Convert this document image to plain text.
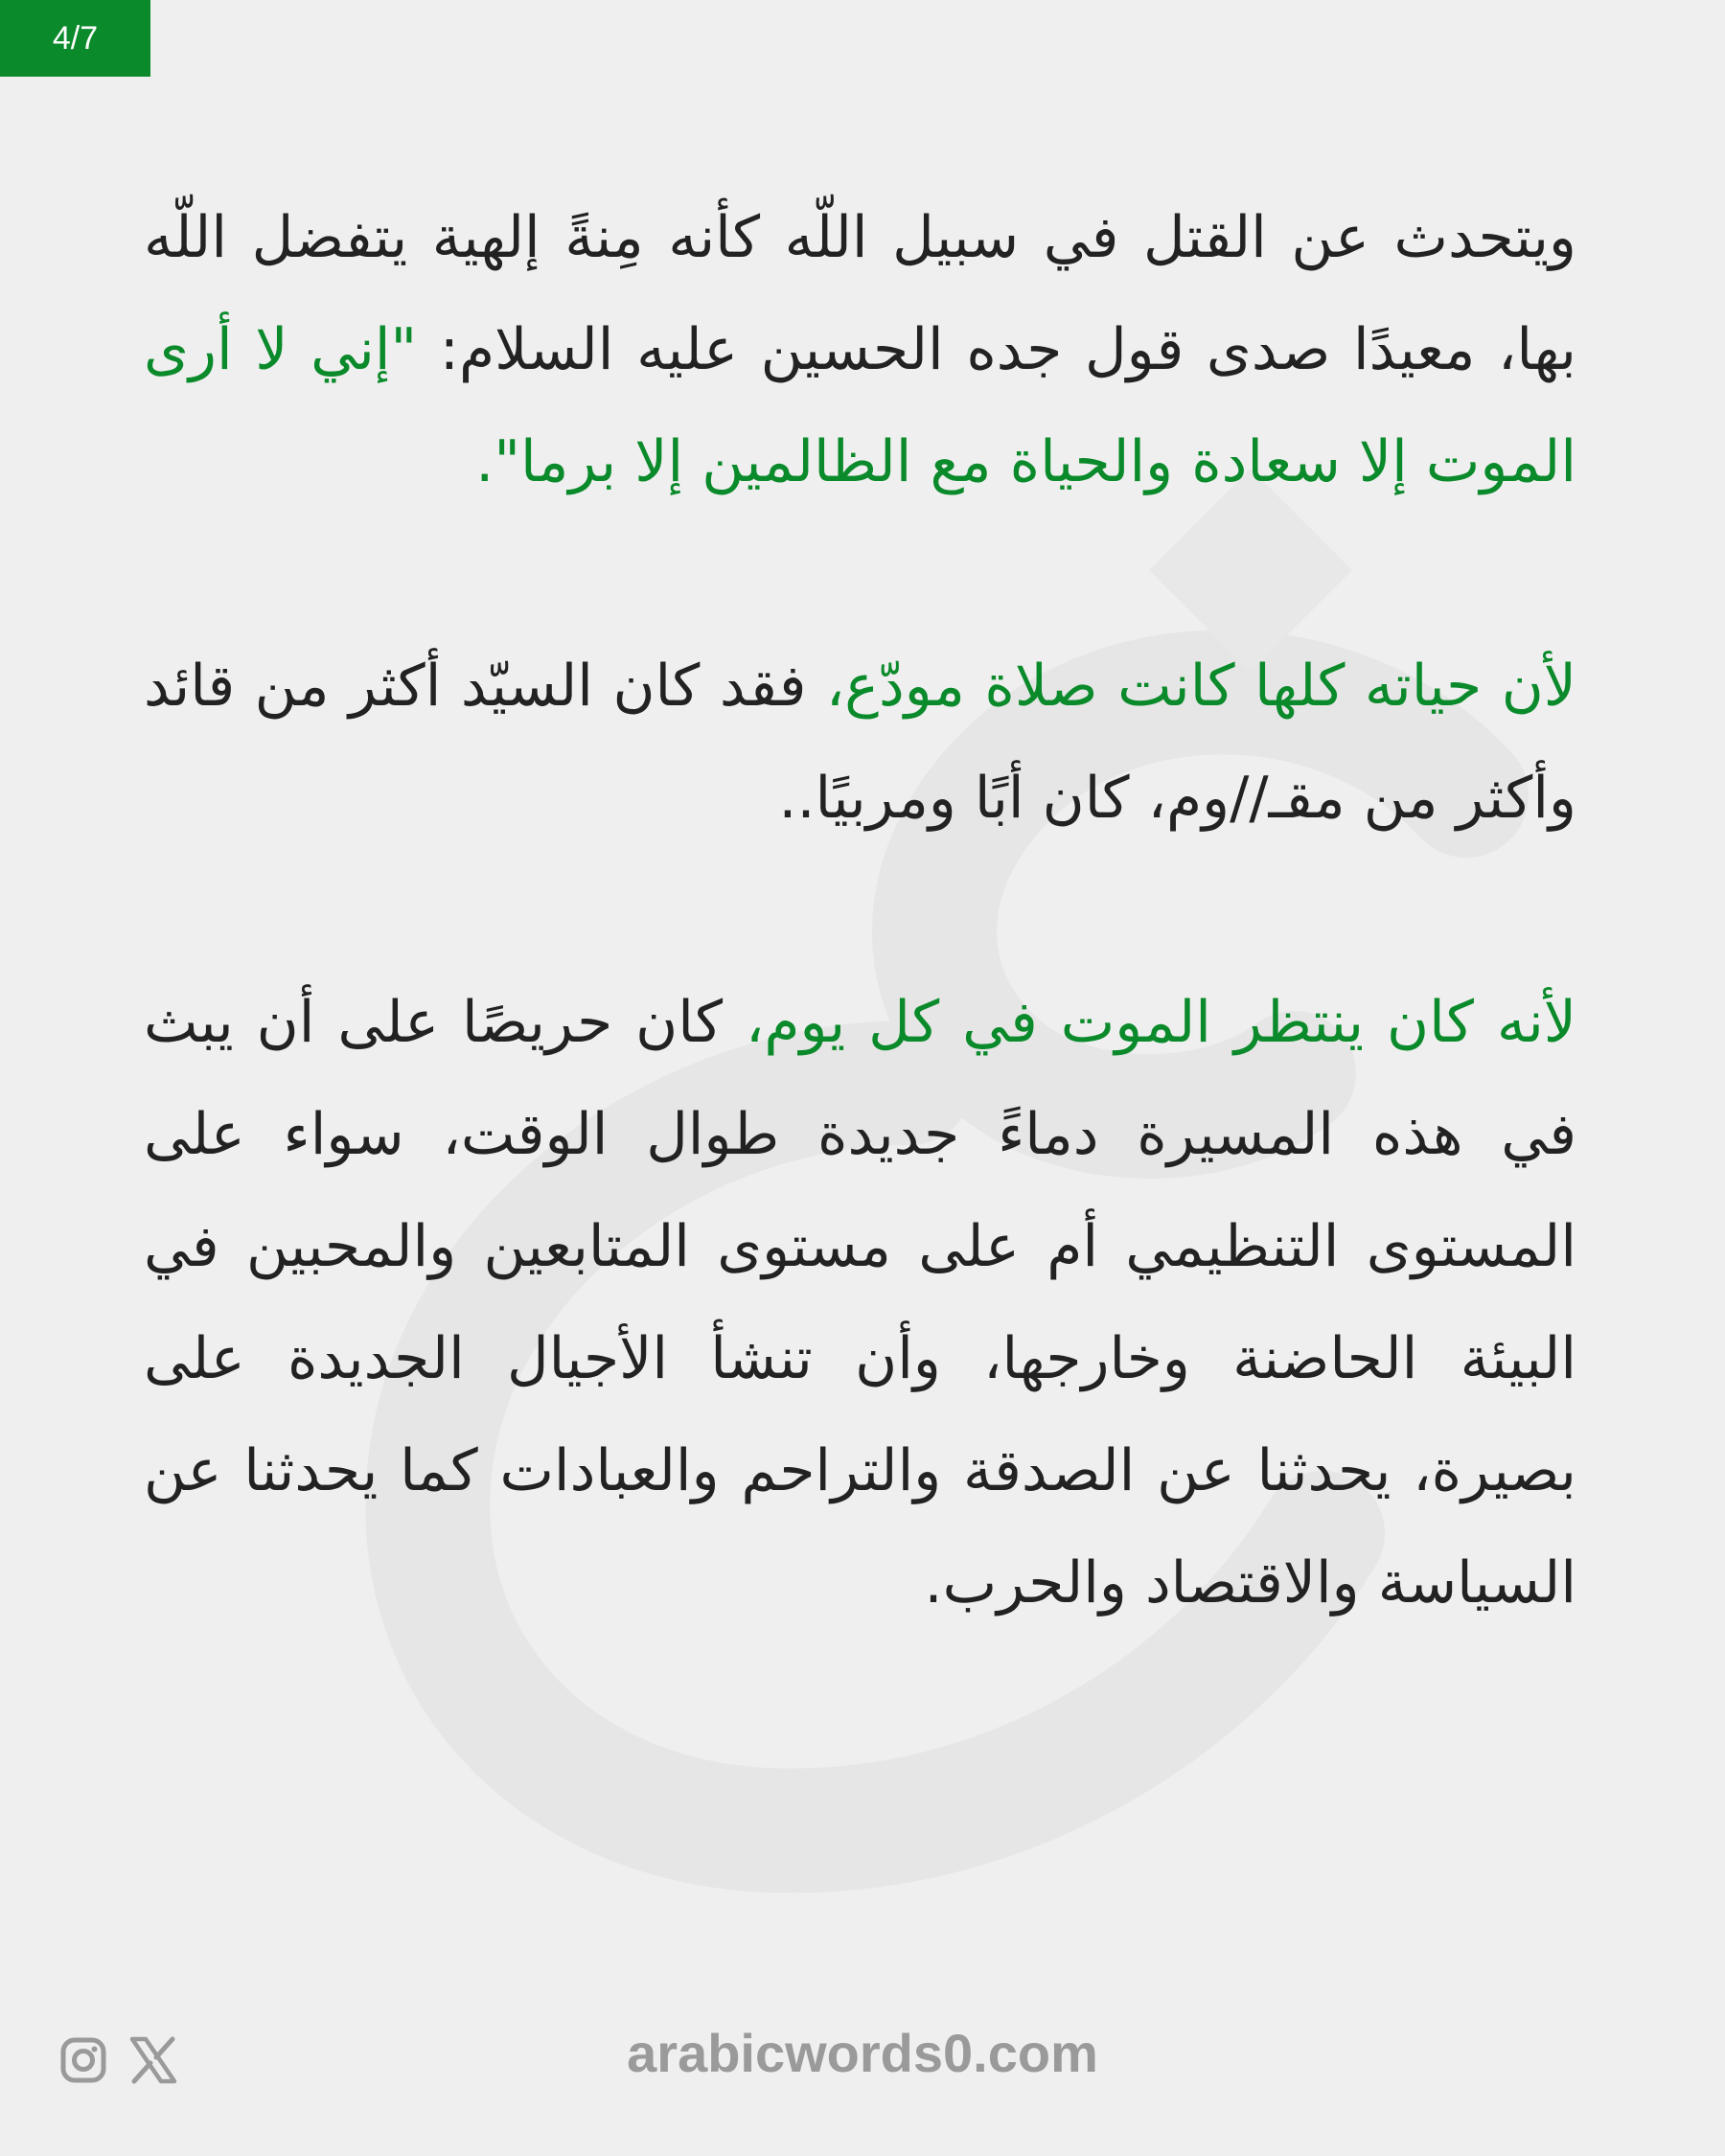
4/7

ويتحدث عن القتل في سبيل اللّه كأنه مِنةً إلهية يتفضل اللّه بها، معيدًا صدى قول جده الحسين عليه السلام: "إني لا أرى الموت إلا سعادة والحياة مع الظالمين إلا برما".

لأن حياته كلها كانت صلاة مودّع، فقد كان السيّد أكثر من قائد وأكثر من مقـ//وم، كان أبًا ومربيًا..

لأنه كان ينتظر الموت في كل يوم، كان حريصًا على أن يبث في هذه المسيرة دماءً جديدة طوال الوقت، سواء على المستوى التنظيمي أم على مستوى المتابعين والمحبين في البيئة الحاضنة وخارجها، وأن تنشأ الأجيال الجديدة على بصيرة، يحدثنا عن الصدقة والتراحم والعبادات كما يحدثنا عن السياسة والاقتصاد والحرب.

arabicwords0.com
